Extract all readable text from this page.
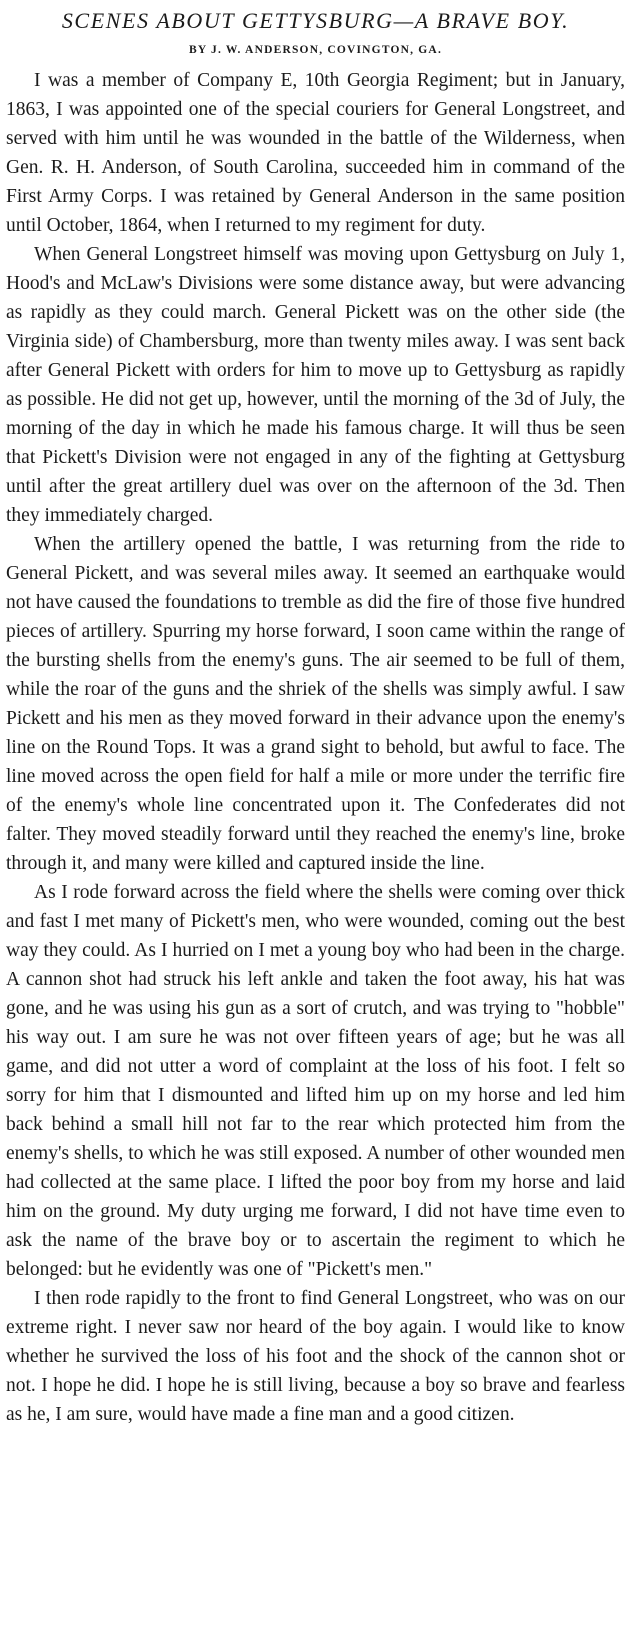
SCENES ABOUT GETTYSBURG—A BRAVE BOY.
BY J. W. ANDERSON, COVINGTON, GA.

I was a member of Company E, 10th Georgia Regiment; but in January, 1863, I was appointed one of the special couriers for General Longstreet, and served with him until he was wounded in the battle of the Wilderness, when Gen. R. H. Anderson, of South Carolina, succeeded him in command of the First Army Corps. I was retained by General Anderson in the same position until October, 1864, when I returned to my regiment for duty.

When General Longstreet himself was moving upon Gettysburg on July 1, Hood's and McLaw's Divisions were some distance away, but were advancing as rapidly as they could march. General Pickett was on the other side (the Virginia side) of Chambersburg, more than twenty miles away. I was sent back after General Pickett with orders for him to move up to Gettysburg as rapidly as possible. He did not get up, however, until the morning of the 3d of July, the morning of the day in which he made his famous charge. It will thus be seen that Pickett's Division were not engaged in any of the fighting at Gettysburg until after the great artillery duel was over on the afternoon of the 3d. Then they immediately charged.

When the artillery opened the battle, I was returning from the ride to General Pickett, and was several miles away. It seemed an earthquake would not have caused the foundations to tremble as did the fire of those five hundred pieces of artillery. Spurring my horse forward, I soon came within the range of the bursting shells from the enemy's guns. The air seemed to be full of them, while the roar of the guns and the shriek of the shells was simply awful. I saw Pickett and his men as they moved forward in their advance upon the enemy's line on the Round Tops. It was a grand sight to behold, but awful to face. The line moved across the open field for half a mile or more under the terrific fire of the enemy's whole line concentrated upon it. The Confederates did not falter. They moved steadily forward until they reached the enemy's line, broke through it, and many were killed and captured inside the line.

As I rode forward across the field where the shells were coming over thick and fast I met many of Pickett's men, who were wounded, coming out the best way they could. As I hurried on I met a young boy who had been in the charge. A cannon shot had struck his left ankle and taken the foot away, his hat was gone, and he was using his gun as a sort of crutch, and was trying to "hobble" his way out. I am sure he was not over fifteen years of age; but he was all game, and did not utter a word of complaint at the loss of his foot. I felt so sorry for him that I dismounted and lifted him up on my horse and led him back behind a small hill not far to the rear which protected him from the enemy's shells, to which he was still exposed. A number of other wounded men had collected at the same place. I lifted the poor boy from my horse and laid him on the ground. My duty urging me forward, I did not have time even to ask the name of the brave boy or to ascertain the regiment to which he belonged: but he evidently was one of "Pickett's men."

I then rode rapidly to the front to find General Longstreet, who was on our extreme right. I never saw nor heard of the boy again. I would like to know whether he survived the loss of his foot and the shock of the cannon shot or not. I hope he did. I hope he is still living, because a boy so brave and fearless as he, I am sure, would have made a fine man and a good citizen.
